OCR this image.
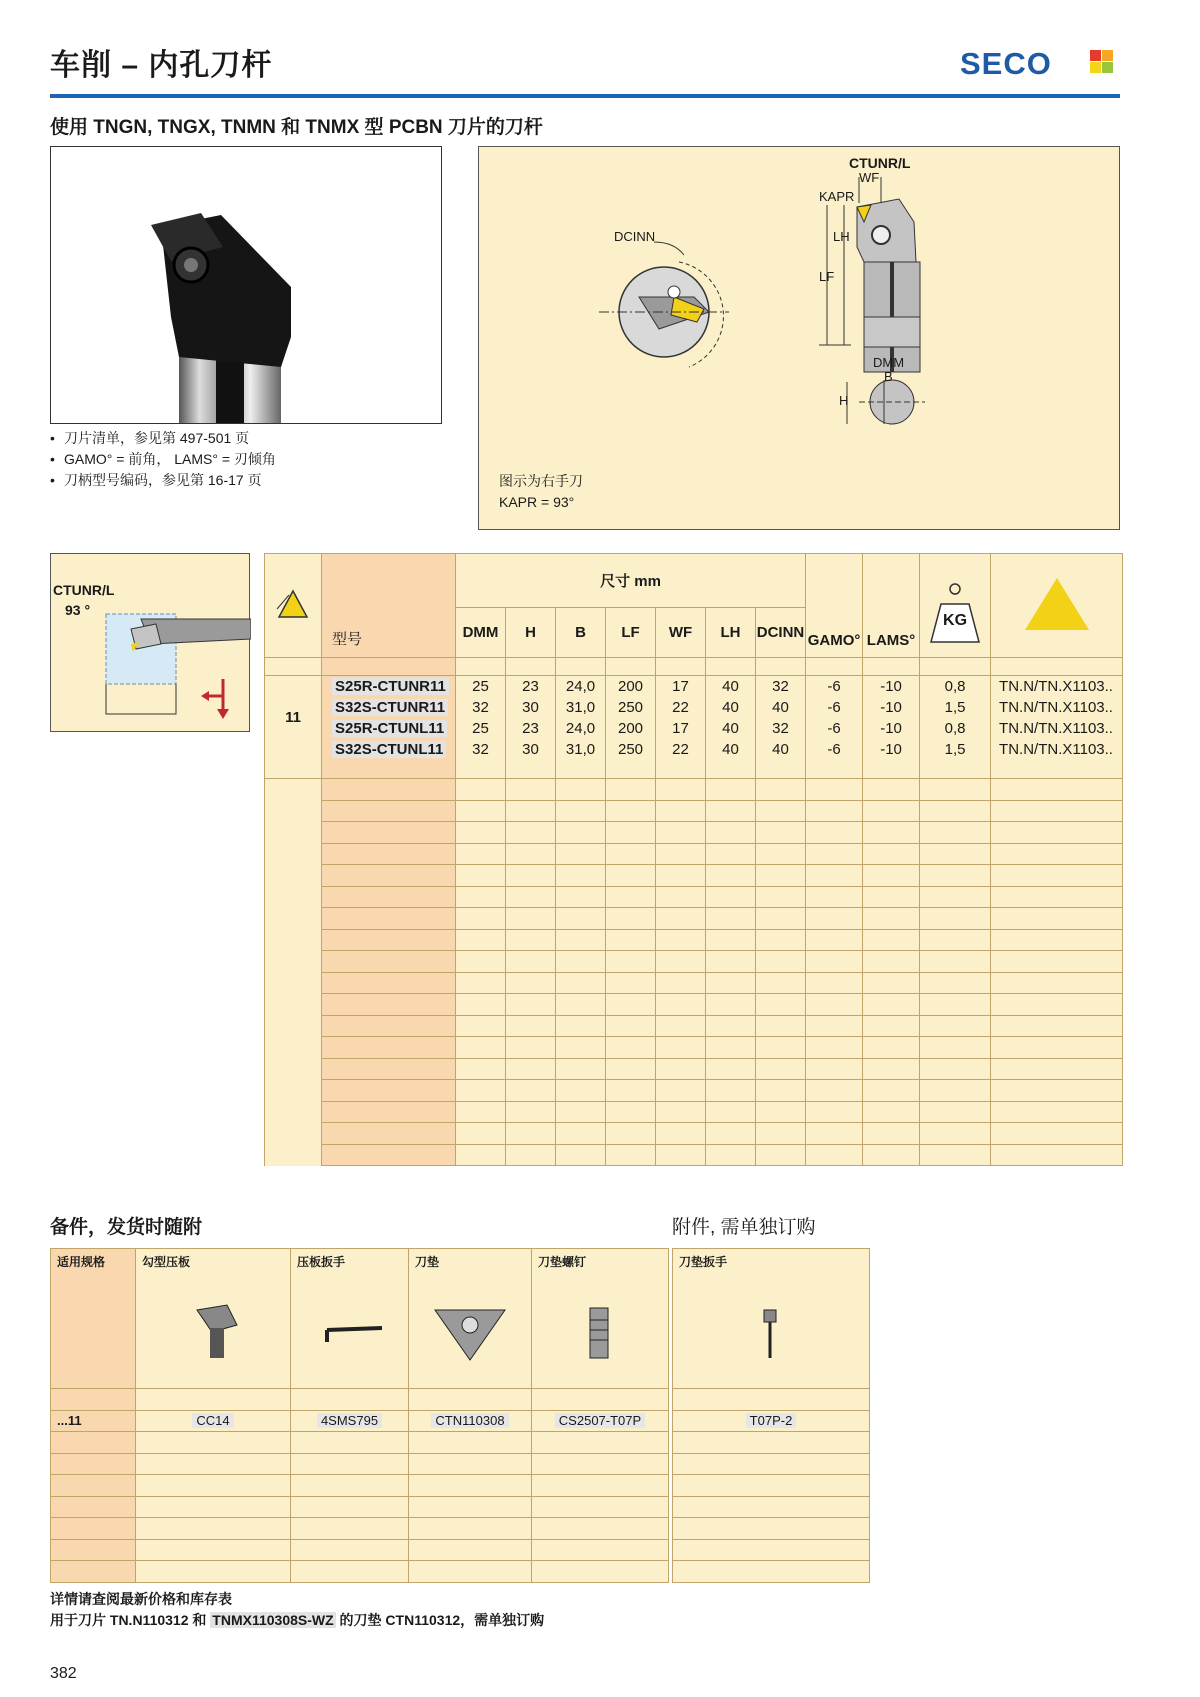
车削 – 内孔刀杆	SECO
使用 TNGN, TNGX, TNMN 和 TNMX 型 PCBN 刀片的刀杆
• 刀片清单，参见第 497-501 页
• GAMO° = 前角， LAMS° = 刃倾角
• 刀柄型号编码，参见第 16-17 页
CTUNR/L
WF
KAPR
LH
LF
DCINN
DMM
B
H
图示为右手刀
KAPR = 93°
CTUNR/L
93 °
	型号	尺寸 mm							GAMO°	LAMS°	KG

		DMM	H	B	LF	WF	LH	DCINN				

11	S25R-CTUNR11	25	23	24,0	200	17	40	32	-6	-10	0,8	TN.N/TN.X1103..
	S32S-CTUNR11	32	30	31,0	250	22	40	40	-6	-10	1,5	TN.N/TN.X1103..
	S25R-CTUNL11	25	23	24,0	200	17	40	32	-6	-10	0,8	TN.N/TN.X1103..
	S32S-CTUNL11	32	30	31,0	250	22	40	40	-6	-10	1,5	TN.N/TN.X1103..

备件，发货时随附	附件, 需单独订购
适用规格	勾型压板	压板扳手	刀垫	刀垫螺钉

...11	CC14	4SMS795	CTN110308	CS2507-T07P

刀垫扳手

T07P-2

详情请查阅最新价格和库存表
用于刀片 TN.N110312 和 TNMX110308S-WZ 的刀垫 CTN110312，需单独订购
382
